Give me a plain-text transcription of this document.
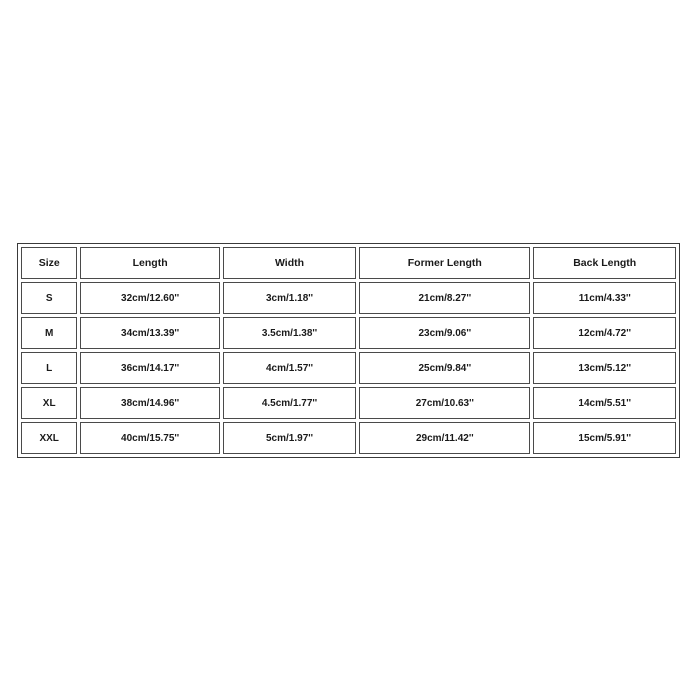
Size	Length	Width	Former Length	Back Length
S	32cm/12.60''	3cm/1.18''	21cm/8.27''	11cm/4.33''
M	34cm/13.39''	3.5cm/1.38''	23cm/9.06''	12cm/4.72''
L	36cm/14.17''	4cm/1.57''	25cm/9.84''	13cm/5.12''
XL	38cm/14.96''	4.5cm/1.77''	27cm/10.63''	14cm/5.51''
XXL	40cm/15.75''	5cm/1.97''	29cm/11.42''	15cm/5.91''
